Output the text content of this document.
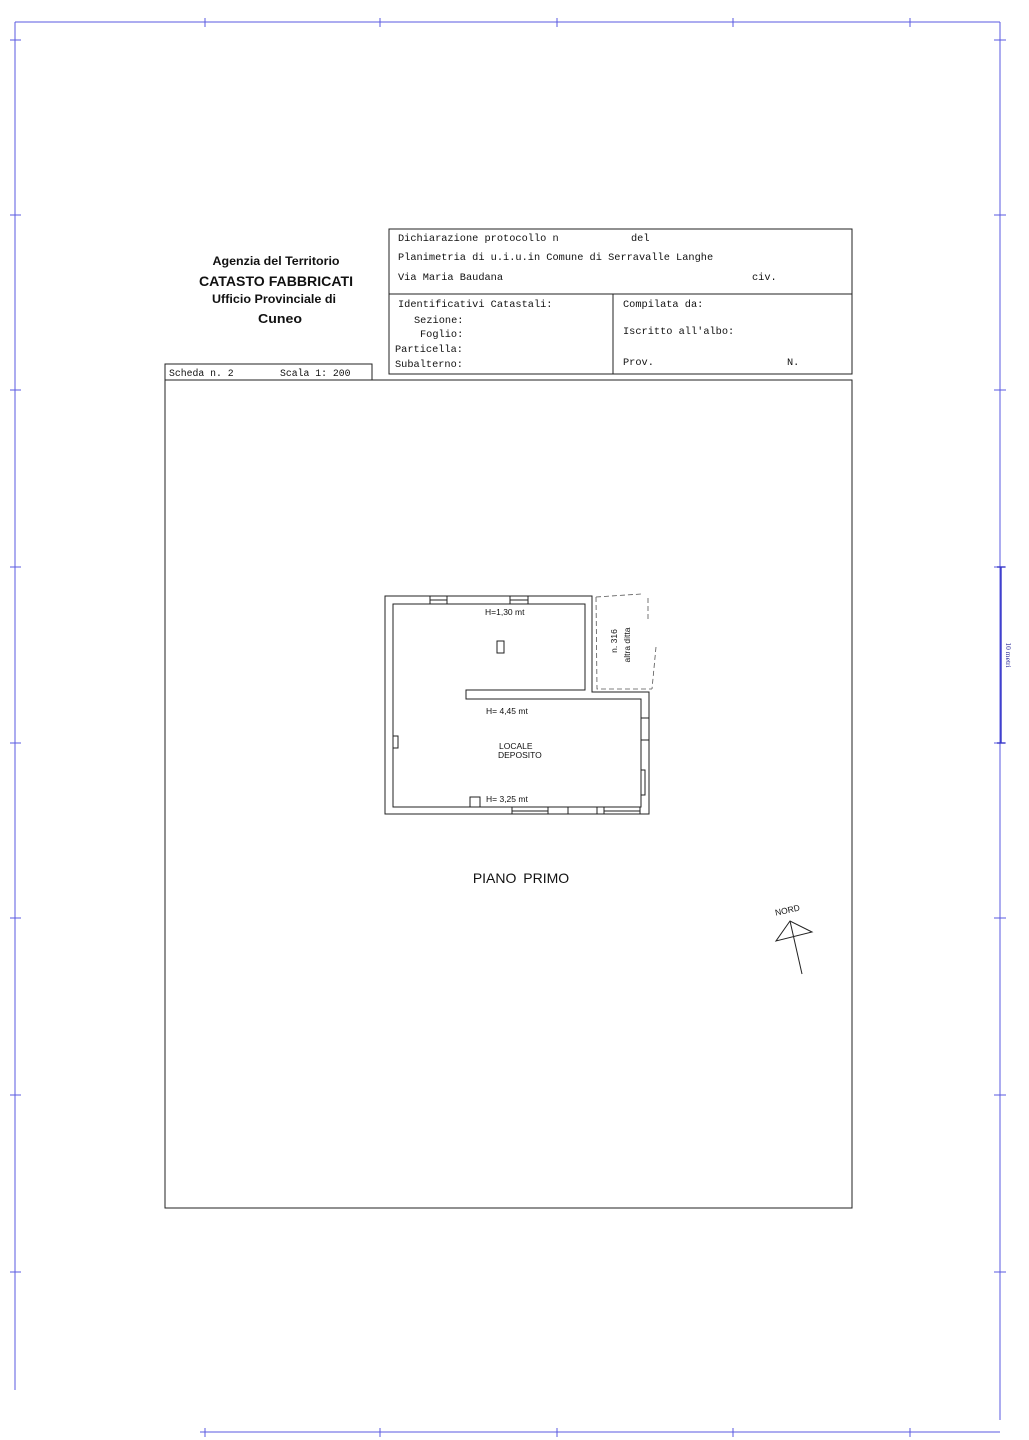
10 metri
Agenzia del Territorio
CATASTO FABBRICATI
Ufficio Provinciale di
Cuneo
Dichiarazione protocollo n	del
Planimetria di u.i.u.in Comune di Serravalle Langhe
Via Maria Baudana	civ.
Identificativi Catastali:
Sezione:
Foglio:
Particella:
Subalterno:
Compilata da:
Iscritto all'albo:
Prov.	N.
Scheda n. 2	Scala 1: 200
n. 316 altra ditta
H=1,30 mt
H= 4,45 mt
LOCALE
DEPOSITO
H= 3,25 mt
PIANO PRIMO
NORD
